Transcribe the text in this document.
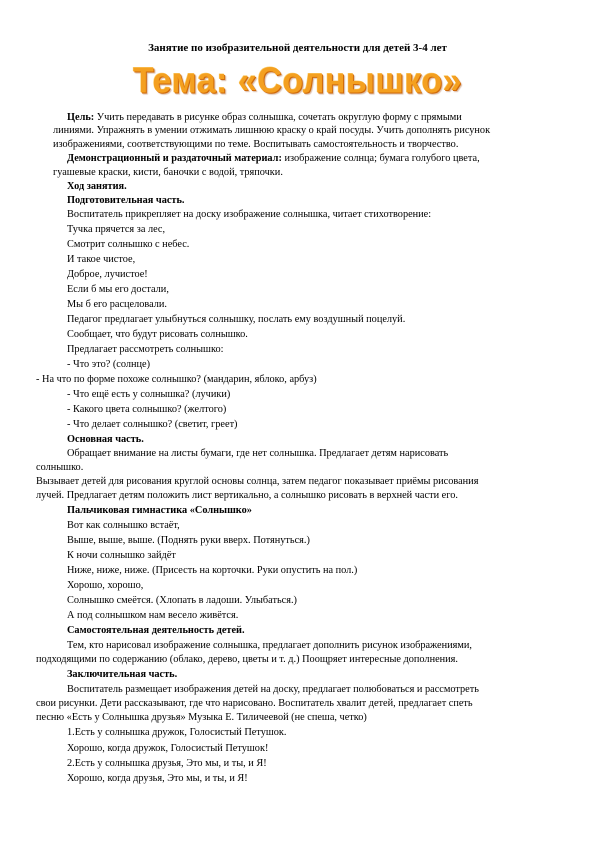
Занятие по изобразительной деятельности для детей 3-4 лет
Тема: «Солнышко»
Цель: Учить передавать в рисунке образ солнышка, сочетать округлую форму с прямыми
линиями. Упражнять в умении отжимать лишнюю краску о край посуды. Учить дополнять рисунок
изображениями, соответствующими по теме. Воспитывать самостоятельность и творчество.
Демонстрационный и раздаточный материал: изображение солнца; бумага голубого цвета,
гуашевые краски, кисти, баночки с водой, тряпочки.
Ход занятия.
Подготовительная часть.
Воспитатель прикрепляет на доску изображение солнышка, читает стихотворение:
Тучка прячется за лес,
Смотрит солнышко с небес.
И такое чистое,
Доброе, лучистое!
Если б мы его достали,
Мы б его расцеловали.
Педагог предлагает улыбнуться солнышку, послать ему воздушный поцелуй.
Сообщает, что будут рисовать солнышко.
Предлагает рассмотреть солнышко:
- Что это? (солнце)
- На что по форме похоже солнышко? (мандарин, яблоко, арбуз)
- Что ещё есть у солнышка? (лучики)
- Какого цвета солнышко? (желтого)
- Что делает солнышко? (светит, греет)
Основная часть.
Обращает внимание на листы бумаги, где нет солнышка. Предлагает детям нарисовать
солнышко.
Вызывает детей для рисования круглой основы солнца, затем педагог показывает приёмы рисования
лучей. Предлагает детям положить лист вертикально, а солнышко рисовать в верхней части его.
Пальчиковая гимнастика «Солнышко»
Вот как солнышко встаёт,
Выше, выше, выше. (Поднять руки вверх. Потянуться.)
К ночи солнышко зайдёт
Ниже, ниже, ниже. (Присесть на корточки. Руки опустить на пол.)
Хорошо, хорошо,
Солнышко смеётся. (Хлопать в ладоши. Улыбаться.)
А под солнышком нам весело живётся.
Самостоятельная деятельность детей.
Тем, кто нарисовал изображение солнышка, предлагает дополнить рисунок изображениями,
подходящими по содержанию (облако, дерево, цветы и т. д.) Поощряет интересные дополнения.
Заключительная часть.
Воспитатель размещает изображения детей на доску, предлагает полюбоваться и рассмотреть
свои рисунки. Дети рассказывают, где что нарисовано. Воспитатель хвалит детей, предлагает спеть
песню «Есть у Солнышка друзья» Музыка Е. Тиличеевой (не спеша, четко)
1.Есть у солнышка дружок, Голосистый Петушок.
Хорошо, когда дружок, Голосистый Петушок!
2.Есть у солнышка друзья, Это мы, и ты, и Я!
Хорошо, когда друзья, Это мы, и ты, и Я!
